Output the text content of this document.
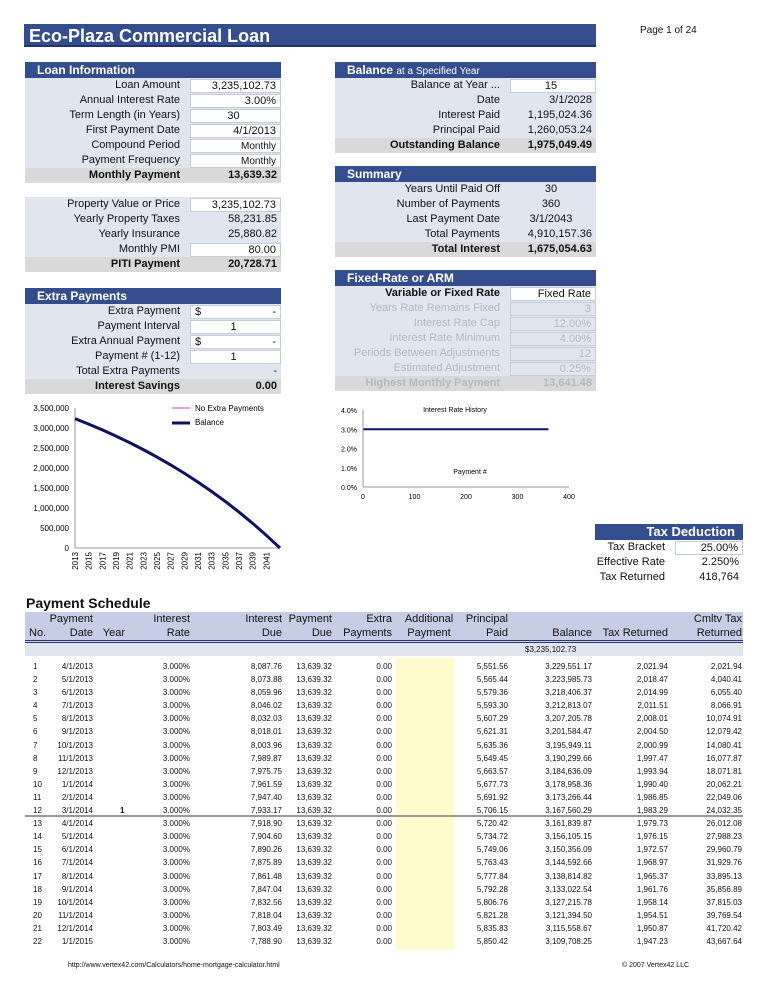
Eco-Plaza Commercial Loan	Page 1 of 24
Loan Information
Loan Amount	3,235,102.73
Annual Interest Rate	3.00%
Term Length (in Years)	30
First Payment Date	4/1/2013
Compound Period	Monthly
Payment Frequency	Monthly
Monthly Payment	13,639.32
Property Value or Price	3,235,102.73
Yearly Property Taxes	58,231.85
Yearly Insurance	25,880.82
Monthly PMI	80.00
PITI Payment	20,728.71
Extra Payments
Extra Payment $	-
Payment Interval	1
Extra Annual Payment $	-
Payment # (1-12)	1
Total Extra Payments	-
Interest Savings	0.00
Balance at a Specified Year
Balance at Year ...	15
Date	3/1/2028
Interest Paid	1,195,024.36
Principal Paid	1,260,053.24
Outstanding Balance	1,975,049.49
Summary
Years Until Paid Off	30
Number of Payments	360
Last Payment Date	3/1/2043
Total Payments	4,910,157.36
Total Interest	1,675,054.63
Fixed-Rate or ARM
Variable or Fixed Rate	Fixed Rate
Years Rate Remains Fixed	3
Interest Rate Cap	12.00%
Interest Rate Minimum	4.00%
Periods Between Adjustments	12
Estimated Adjustment	0.25%
Highest Monthly Payment	13,641.48
Tax Deduction
Tax Bracket	25.00%
Effective Rate	2.250%
Tax Returned	418,764
0
500,000
1,000,000
1,500,000
2,000,000
2,500,000
3,000,000
3,500,000
2013 2015 2017 2019 2021 2023 2025 2027 2029 2031 2033 2035 2037 2039 2041
No Extra Payments
Balance
0.0%
1.0%
2.0%
3.0%
4.0%
0	100	200	300	400
Interest Rate History
Payment #
Payment Schedule
No.
Payment
Date Year
Interest
Rate
Interest
Due
Payment
Due
Extra
Payments
Additional
Payment
Principal
Paid	Balance Tax Returned
Cmltv Tax
Returned
$3,235,102.73
1	4/1/2013	3.000%	8,087.76 13,639.32	0.00	5,551.56	3,229,551.17	2,021.94	2,021.94
2	5/1/2013	3.000%	8,073.88 13,639.32	0.00	5,565.44	3,223,985.73	2,018.47	4,040.41
3	6/1/2013	3.000%	8,059.96 13,639.32	0.00	5,579.36	3,218,406.37	2,014.99	6,055.40
4	7/1/2013	3.000%	8,046.02 13,639.32	0.00	5,593.30	3,212,813.07	2,011.51	8,066.91
5	8/1/2013	3.000%	8,032.03 13,639.32	0.00	5,607.29	3,207,205.78	2,008.01	10,074.91
6	9/1/2013	3.000%	8,018.01 13,639.32	0.00	5,621.31	3,201,584.47	2,004.50	12,079.42
7 10/1/2013	3.000%	8,003.96 13,639.32	0.00	5,635.36	3,195,949.11	2,000.99	14,080.41
8	11/1/2013	3.000%	7,989.87 13,639.32	0.00	5,649.45	3,190,299.66	1,997.47	16,077.87
9 12/1/2013	3.000%	7,975.75 13,639.32	0.00	5,663.57	3,184,636.09	1,993.94	18,071.81
10 1/1/2014	3.000%	7,961.59 13,639.32	0.00	5,677.73	3,178,958.36	1,990.40	20,062.21
11	2/1/2014	3.000%	7,947.40 13,639.32	0.00	5,691.92	3,173,266.44	1,986.85	22,049.06
12 3/1/2014	1	3.000%	7,933.17 13,639.32	0.00	5,706.15	3,167,560.29	1,983.29	24,032.35
13 4/1/2014	3.000%	7,918.90 13,639.32	0.00	5,720.42	3,161,839.87	1,979.73	26,012.08
14 5/1/2014	3.000%	7,904.60 13,639.32	0.00	5,734.72	3,156,105.15	1,976.15	27,988.23
15 6/1/2014	3.000%	7,890.26 13,639.32	0.00	5,749.06	3,150,356.09	1,972.57	29,960.79
16 7/1/2014	3.000%	7,875.89 13,639.32	0.00	5,763.43	3,144,592.66	1,968.97	31,929.76
17 8/1/2014	3.000%	7,861.48 13,639.32	0.00	5,777.84	3,138,814.82	1,965.37	33,895.13
18 9/1/2014	3.000%	7,847.04 13,639.32	0.00	5,792.28	3,133,022.54	1,961.76	35,856.89
19 10/1/2014	3.000%	7,832.56 13,639.32	0.00	5,806.76	3,127,215.78	1,958.14	37,815.03
20 11/1/2014	3.000%	7,818.04 13,639.32	0.00	5,821.28	3,121,394.50	1,954.51	39,769.54
21 12/1/2014	3.000%	7,803.49 13,639.32	0.00	5,835.83	3,115,558.67	1,950.87	41,720.42
22 1/1/2015	3.000%	7,788.90 13,639.32	0.00	5,850.42	3,109,708.25	1,947.23	43,667.64
http://www.vertex42.com/Calculators/home-mortgage-calculator.html	© 2007 Vertex42 LLC
